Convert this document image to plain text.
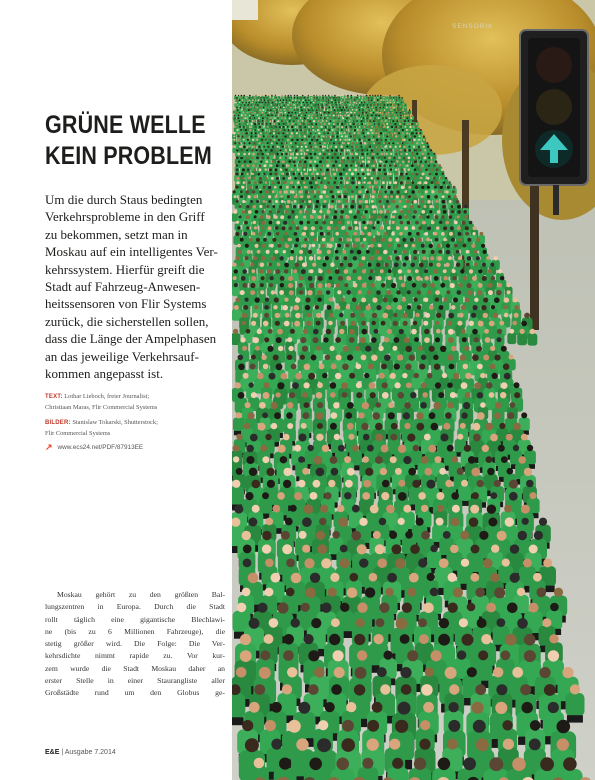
GRÜNE WELLE
KEIN PROBLEM

Um die durch Staus bedingten
Verkehrsprobleme in den Griff
zu bekommen, setzt man in
Moskau auf ein intelligentes Ver-
kehrssystem. Hierfür greift die
Stadt auf Fahrzeug-Anwesen-
heitssensoren von Flir Systems
zurück, die sicherstellen sollen,
dass die Länge der Ampelphasen
an das jeweilige Verkehrsauf-
kommen angepasst ist.

TEXT: Lothar Lieboch, freier Journalist;
Christiaan Maras, Flir Commercial Systems
BILDER: Stanislaw Tokarski, Shutterstock;
Flir Commercial Systems
↗ www.ecs24.net/PDF/87913EE

Moskau gehört zu den größten Bal-
lungszentren in Europa. Durch die Stadt
rollt täglich eine gigantische Blechlawi-
ne (bis zu 6 Millionen Fahrzeuge), die
stetig größer wird. Die Folge: Die Ver-
kehrsdichte nimmt rapide zu. Vor kur-
zem wurde die Stadt Moskau daher an
erster Stelle in einer Staurangliste aller
Großstädte rund um den Globus ge-

E&E | Ausgabe 7.2014
SENSORIK
